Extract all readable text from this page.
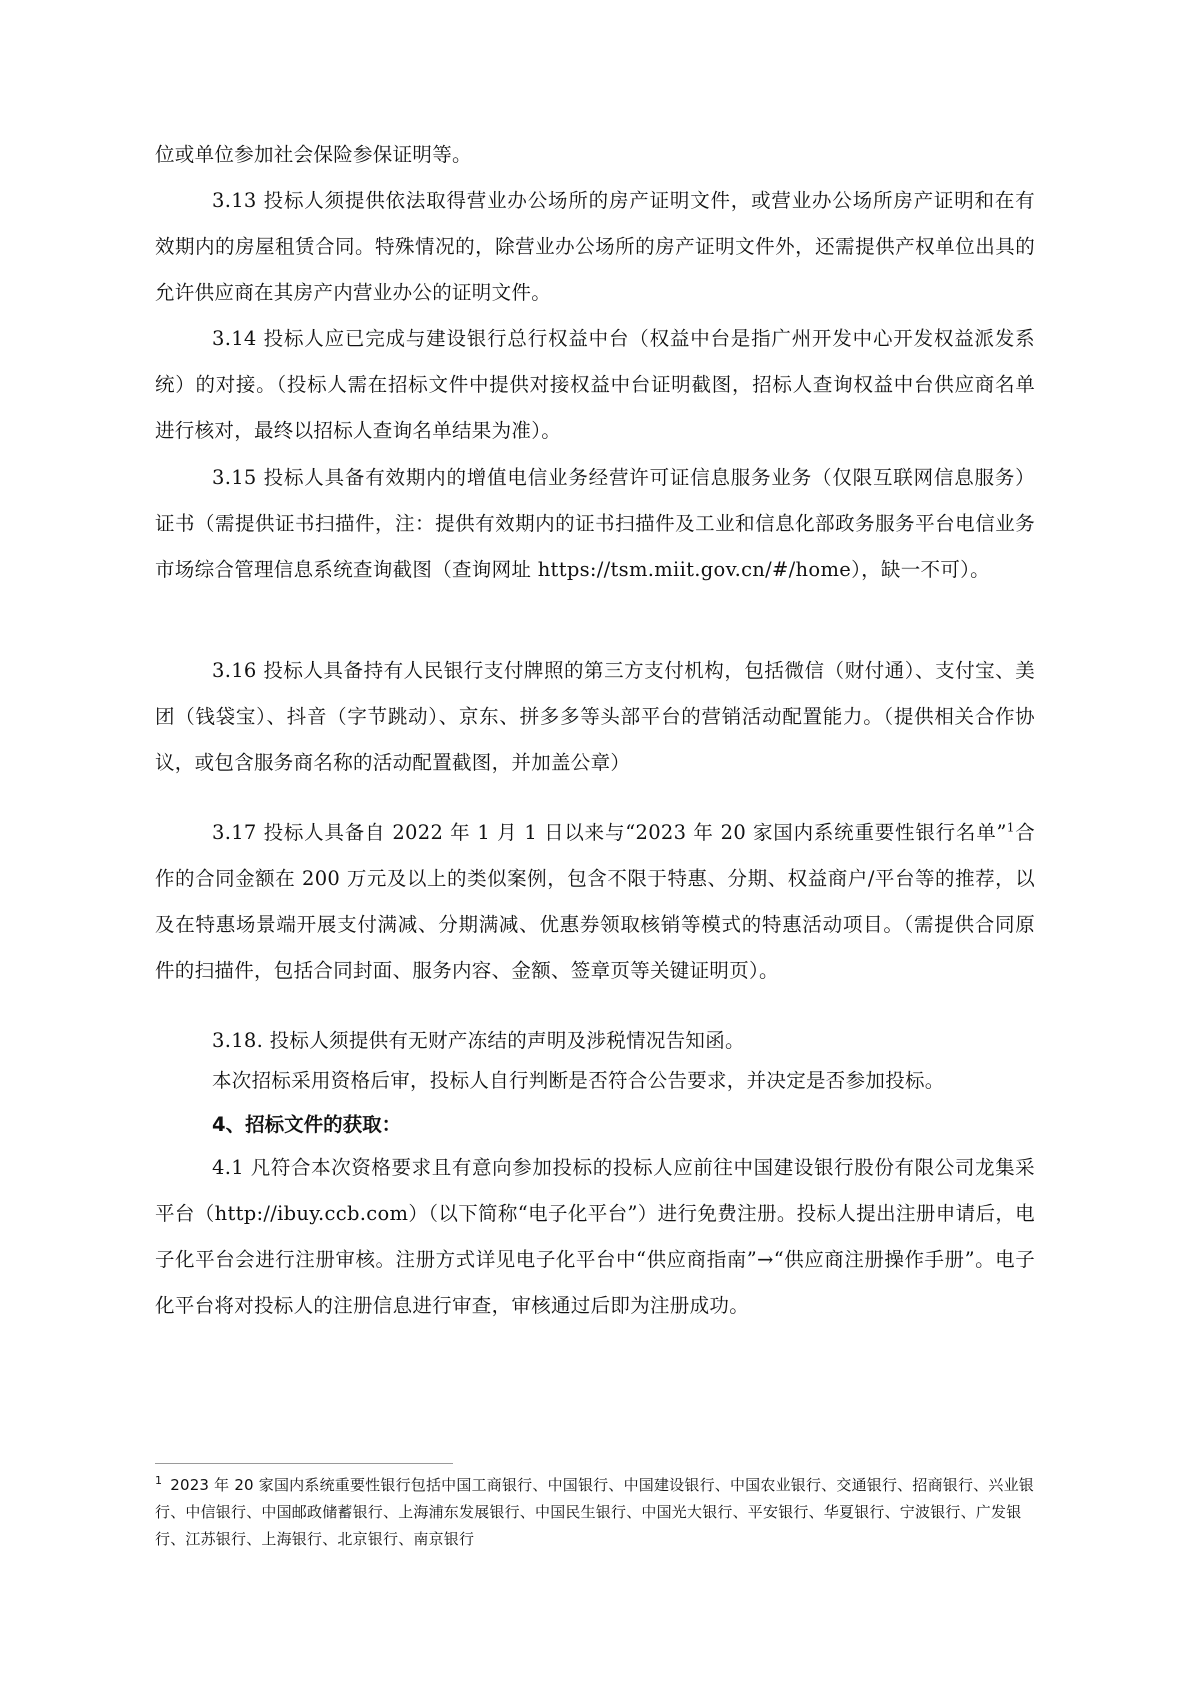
位或单位参加社会保险参保证明等。

3.13 投标人须提供依法取得营业办公场所的房产证明文件，或营业办公场所房产证明和在有效期内的房屋租赁合同。特殊情况的，除营业办公场所的房产证明文件外，还需提供产权单位出具的允许供应商在其房产内营业办公的证明文件。

3.14 投标人应已完成与建设银行总行权益中台（权益中台是指广州开发中心开发权益派发系统）的对接。（投标人需在招标文件中提供对接权益中台证明截图，招标人查询权益中台供应商名单进行核对，最终以招标人查询名单结果为准）。

3.15 投标人具备有效期内的增值电信业务经营许可证信息服务业务（仅限互联网信息服务）证书（需提供证书扫描件，注：提供有效期内的证书扫描件及工业和信息化部政务服务平台电信业务市场综合管理信息系统查询截图（查询网址 https://tsm.miit.gov.cn/#/home），缺一不可）。

3.16 投标人具备持有人民银行支付牌照的第三方支付机构，包括微信（财付通）、支付宝、美团（钱袋宝）、抖音（字节跳动）、京东、拼多多等头部平台的营销活动配置能力。（提供相关合作协议，或包含服务商名称的活动配置截图，并加盖公章）

3.17 投标人具备自 2022 年 1 月 1 日以来与“2023 年 20 家国内系统重要性银行名单”$^1$合作的合同金额在 200 万元及以上的类似案例，包含不限于特惠、分期、权益商户/平台等的推荐，以及在特惠场景端开展支付满减、分期满减、优惠券领取核销等模式的特惠活动项目。（需提供合同原件的扫描件，包括合同封面、服务内容、金额、签章页等关键证明页）。

3.18. 投标人须提供有无财产冻结的声明及涉税情况告知函。

本次招标采用资格后审，投标人自行判断是否符合公告要求，并决定是否参加投标。

4、招标文件的获取：

4.1 凡符合本次资格要求且有意向参加投标的投标人应前往中国建设银行股份有限公司龙集采平台（http://ibuy.ccb.com）（以下简称“电子化平台”）进行免费注册。投标人提出注册申请后，电子化平台会进行注册审核。注册方式详见电子化平台中“供应商指南”→“供应商注册操作手册”。电子化平台将对投标人的注册信息进行审查，审核通过后即为注册成功。

$^1$ 2023 年 20 家国内系统重要性银行包括中国工商银行、中国银行、中国建设银行、中国农业银行、交通银行、招商银行、兴业银行、中信银行、中国邮政储蓄银行、上海浦东发展银行、中国民生银行、中国光大银行、平安银行、华夏银行、宁波银行、广发银行、江苏银行、上海银行、北京银行、南京银行
